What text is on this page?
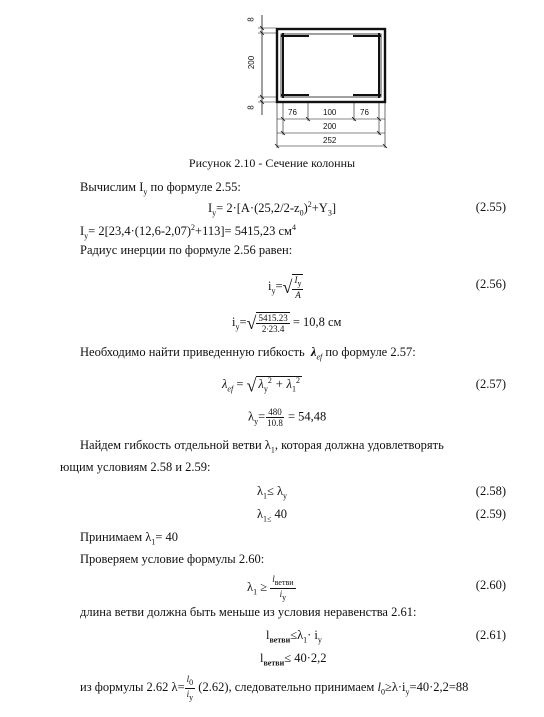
8
200
8
76	100	76
200
252
Рисунок 2.10 - Сечение колонны
Вычислим $I_y$ по формуле 2.55:
$I_y= 2\cdot[A\cdot(25,2/2-z_0)^2+Y_3]$	(2.55)
$I_y= 2[23,4\cdot(12,6-2,07)^2+113]= 5415,23$ $см^4$
Радиус инерции по формуле 2.56 равен:
$i_y=√ \frac{I_y}{A}$	(2.56)
$i_y=√ \frac{5415.23}{2\cdot 23.4} = 10,8$ см
Необходимо найти приведенную гибкость $\lambda_{ef}$ по формуле 2.57:
$\lambda_{ef}$ = √ $\lambda_y^2 + \lambda_1^2$	(2.57)
$\lambda_y= \frac{480}{10.8} = 54,48$
Найдем гибкость отдельной ветви $\lambda_1$, которая должна удовлетворять
ющим условиям 2.58 и 2.59:
$\lambda_1\le \lambda_y$	(2.58)
$\lambda_{1\le}$ 40	(2.59)
Принимаем $\lambda_1= 40$
Проверяем условие формулы 2.60:
$\lambda_1 \ge \frac{l_{ветви}}{i_y}$	(2.60)
длина ветви должна быть меньше из условия неравенства 2.61:
$l_{ветви}\le\lambda_1\cdot i_y$	(2.61)
$l_{ветви}\le 40\cdot 2,2$
из формулы 2.62 $\lambda= \frac{l_0}{i_y} (2.62)$, следовательно принимаем $l_0\ge\lambda\cdot i_y=40\cdot 2,2=88$
